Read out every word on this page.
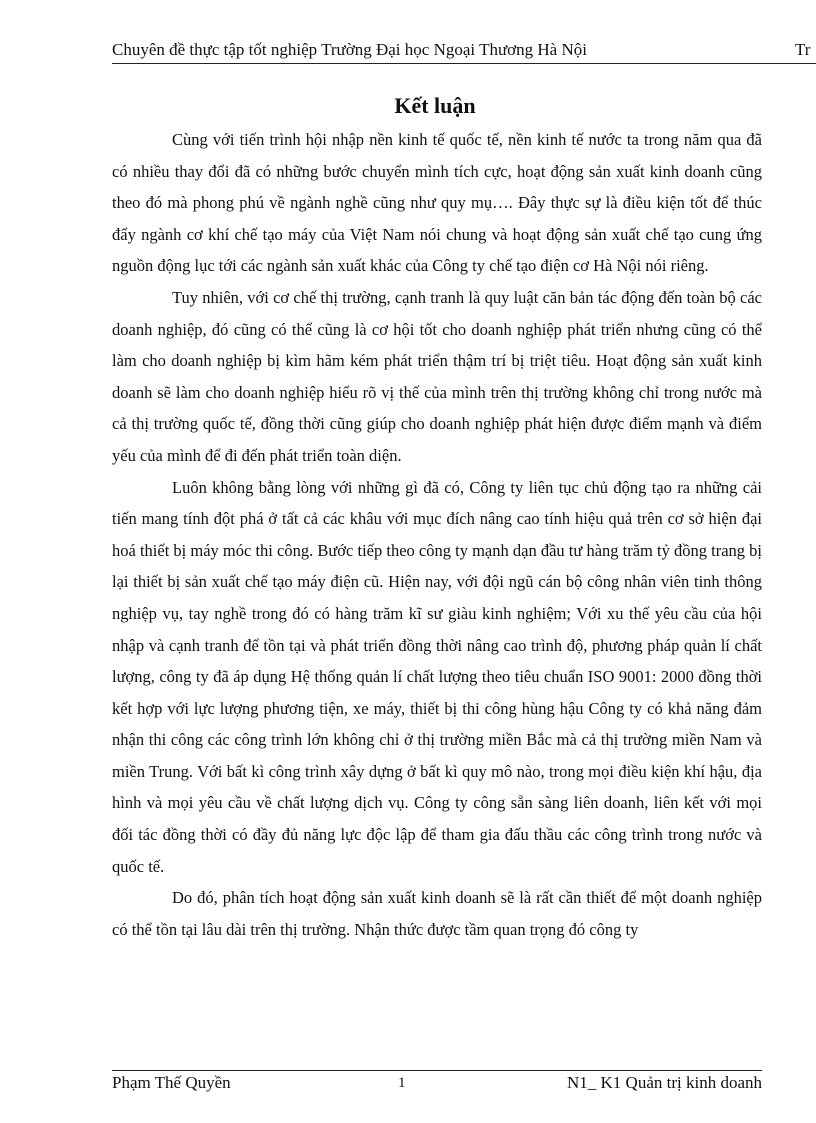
Chuyên đề thực tập tốt nghiệp Trường Đại học Ngoại Thương Hà Nội	Tr
Kết luận

Cùng với tiến trình hội nhập nền kinh tế quốc tế, nền kinh tế nước ta trong năm qua đã có nhiều thay đổi đã có những bước chuyển mình tích cực, hoạt động sản xuất kinh doanh cũng theo đó mà phong phú về ngành nghề cũng như quy mụ…. Đây thực sự là điều kiện tốt để thúc đẩy ngành cơ khí chế tạo máy của Việt Nam nói chung và hoạt động sản xuất chế tạo cung ứng nguồn động lục tới các ngành sản xuất khác của Công ty chế tạo điện cơ Hà Nội nói riêng.

Tuy nhiên, với cơ chế thị trường, cạnh tranh là quy luật căn bản tác động đến toàn bộ các doanh nghiệp, đó cũng có thể cũng là cơ hội tốt cho doanh nghiệp phát triển nhưng cũng có thể làm cho doanh nghiệp bị kìm hãm kém phát triển thậm trí bị triệt tiêu. Hoạt động sản xuất kinh doanh sẽ làm cho doanh nghiệp hiểu rõ vị thế của mình trên thị trường không chỉ trong nước mà cả thị trường quốc tế, đồng thời cũng giúp cho doanh nghiệp phát hiện được điểm mạnh và điểm yếu của mình để đi đến phát triển toàn diện.

Luôn không bằng lòng với những gì đã có, Công ty liên tục chủ động tạo ra những cải tiến mang tính đột phá ở tất cả các khâu với mục đích nâng cao tính hiệu quả trên cơ sở hiện đại hoá thiết bị máy móc thi công. Bước tiếp theo công ty mạnh dạn đầu tư hàng trăm tỷ đồng trang bị lại thiết bị sản xuất chế tạo máy điện cũ. Hiện nay, với đội ngũ cán bộ công nhân viên tinh thông nghiệp vụ, tay nghề trong đó có hàng trăm kĩ sư giàu kinh nghiệm; Với xu thế yêu cầu của hội nhập và cạnh tranh để tồn tại và phát triển đồng thời nâng cao trình độ, phương pháp quản lí chất lượng, công ty đã áp dụng Hệ thống quản lí chất lượng theo tiêu chuẩn ISO 9001: 2000 đồng thời kết hợp với lực lượng phương tiện, xe máy, thiết bị thi công hùng hậu Công ty có khả năng đảm nhận thi công các công trình lớn không chỉ ở thị trường miền Bắc mà cả thị trường miền Nam và miền Trung. Với bất kì công trình xây dựng ở bất kì quy mô nào, trong mọi điều kiện khí hậu, địa hình và mọi yêu cầu về chất lượng dịch vụ. Công ty công sẵn sàng liên doanh, liên kết với mọi đối tác đồng thời có đầy đủ năng lực độc lập để tham gia đấu thầu các công trình trong nước và quốc tế.

Do đó, phân tích hoạt động sản xuất kinh doanh sẽ là rất cần thiết để một doanh nghiệp có thể tồn tại lâu dài trên thị trường. Nhận thức được tầm quan trọng đó công ty

Phạm Thế Quyền	1	N1_ K1 Quản trị kinh doanh
